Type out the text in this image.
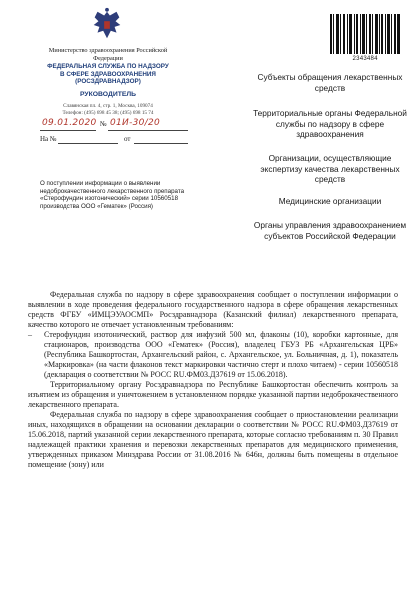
Министерство здравоохранения Российской Федерации
ФЕДЕРАЛЬНАЯ СЛУЖБА ПО НАДЗОРУ В СФЕРЕ ЗДРАВООХРАНЕНИЯ (РОСЗДРАВНАДЗОР)
РУКОВОДИТЕЛЬ
Славянская пл. 4, стр. 1, Москва, 109074
Телефон: (495) 698 45 38; (495) 698 15 74
09.01.2020 № 01И-30/20
На №	от
2343484
Субъекты обращения лекарственных средств
Территориальные органы Федеральной службы по надзору в сфере здравоохранения
Организации, осуществляющие экспертизу качества лекарственных средств
Медицинские организации
Органы управления здравоохранением субъектов Российской Федерации
О поступлении информации о выявлении недоброкачественного лекарственного препарата «Стерофундин изотонический» серии 10560518 производства ООО «Гематек» (Россия)

Федеральная служба по надзору в сфере здравоохранения сообщает о поступлении информации о выявлении в ходе проведения федерального государственного надзора в сфере обращения лекарственных средств ФГБУ «ИМЦЭУАОСМП» Росздравнадзора (Казанский филиал) лекарственного препарата, качество которого не отвечает установленным требованиям:

–	Стерофундин изотонический, раствор для инфузий 500 мл, флаконы (10), коробки картонные, для стационаров, производства ООО «Гематек» (Россия), владелец ГБУЗ РБ «Архангельская ЦРБ» (Республика Башкортостан, Архангельский район, с. Архангельское, ул. Больничная, д. 1), показатель «Маркировка» (на части флаконов текст маркировки частично стерт и плохо читаем) - серии 10560518 (декларация о соответствии № РОСС RU.ФМ03.Д37619 от 15.06.2018).

Территориальному органу Росздравнадзора по Республике Башкортостан обеспечить контроль за изъятием из обращения и уничтожением в установленном порядке указанной партии недоброкачественного лекарственного препарата.

Федеральная служба по надзору в сфере здравоохранения сообщает о приостановлении реализации иных, находящихся в обращении на основании декларации о соответствии № РОСС RU.ФМ03.Д37619 от 15.06.2018, партий указанной серии лекарственного препарата, которые согласно требованиям п. 30 Правил надлежащей практики хранения и перевозки лекарственных препаратов для медицинского применения, утвержденных приказом Минздрава России от 31.08.2016 № 646н, должны быть помещены в отдельное помещение (зону) или
